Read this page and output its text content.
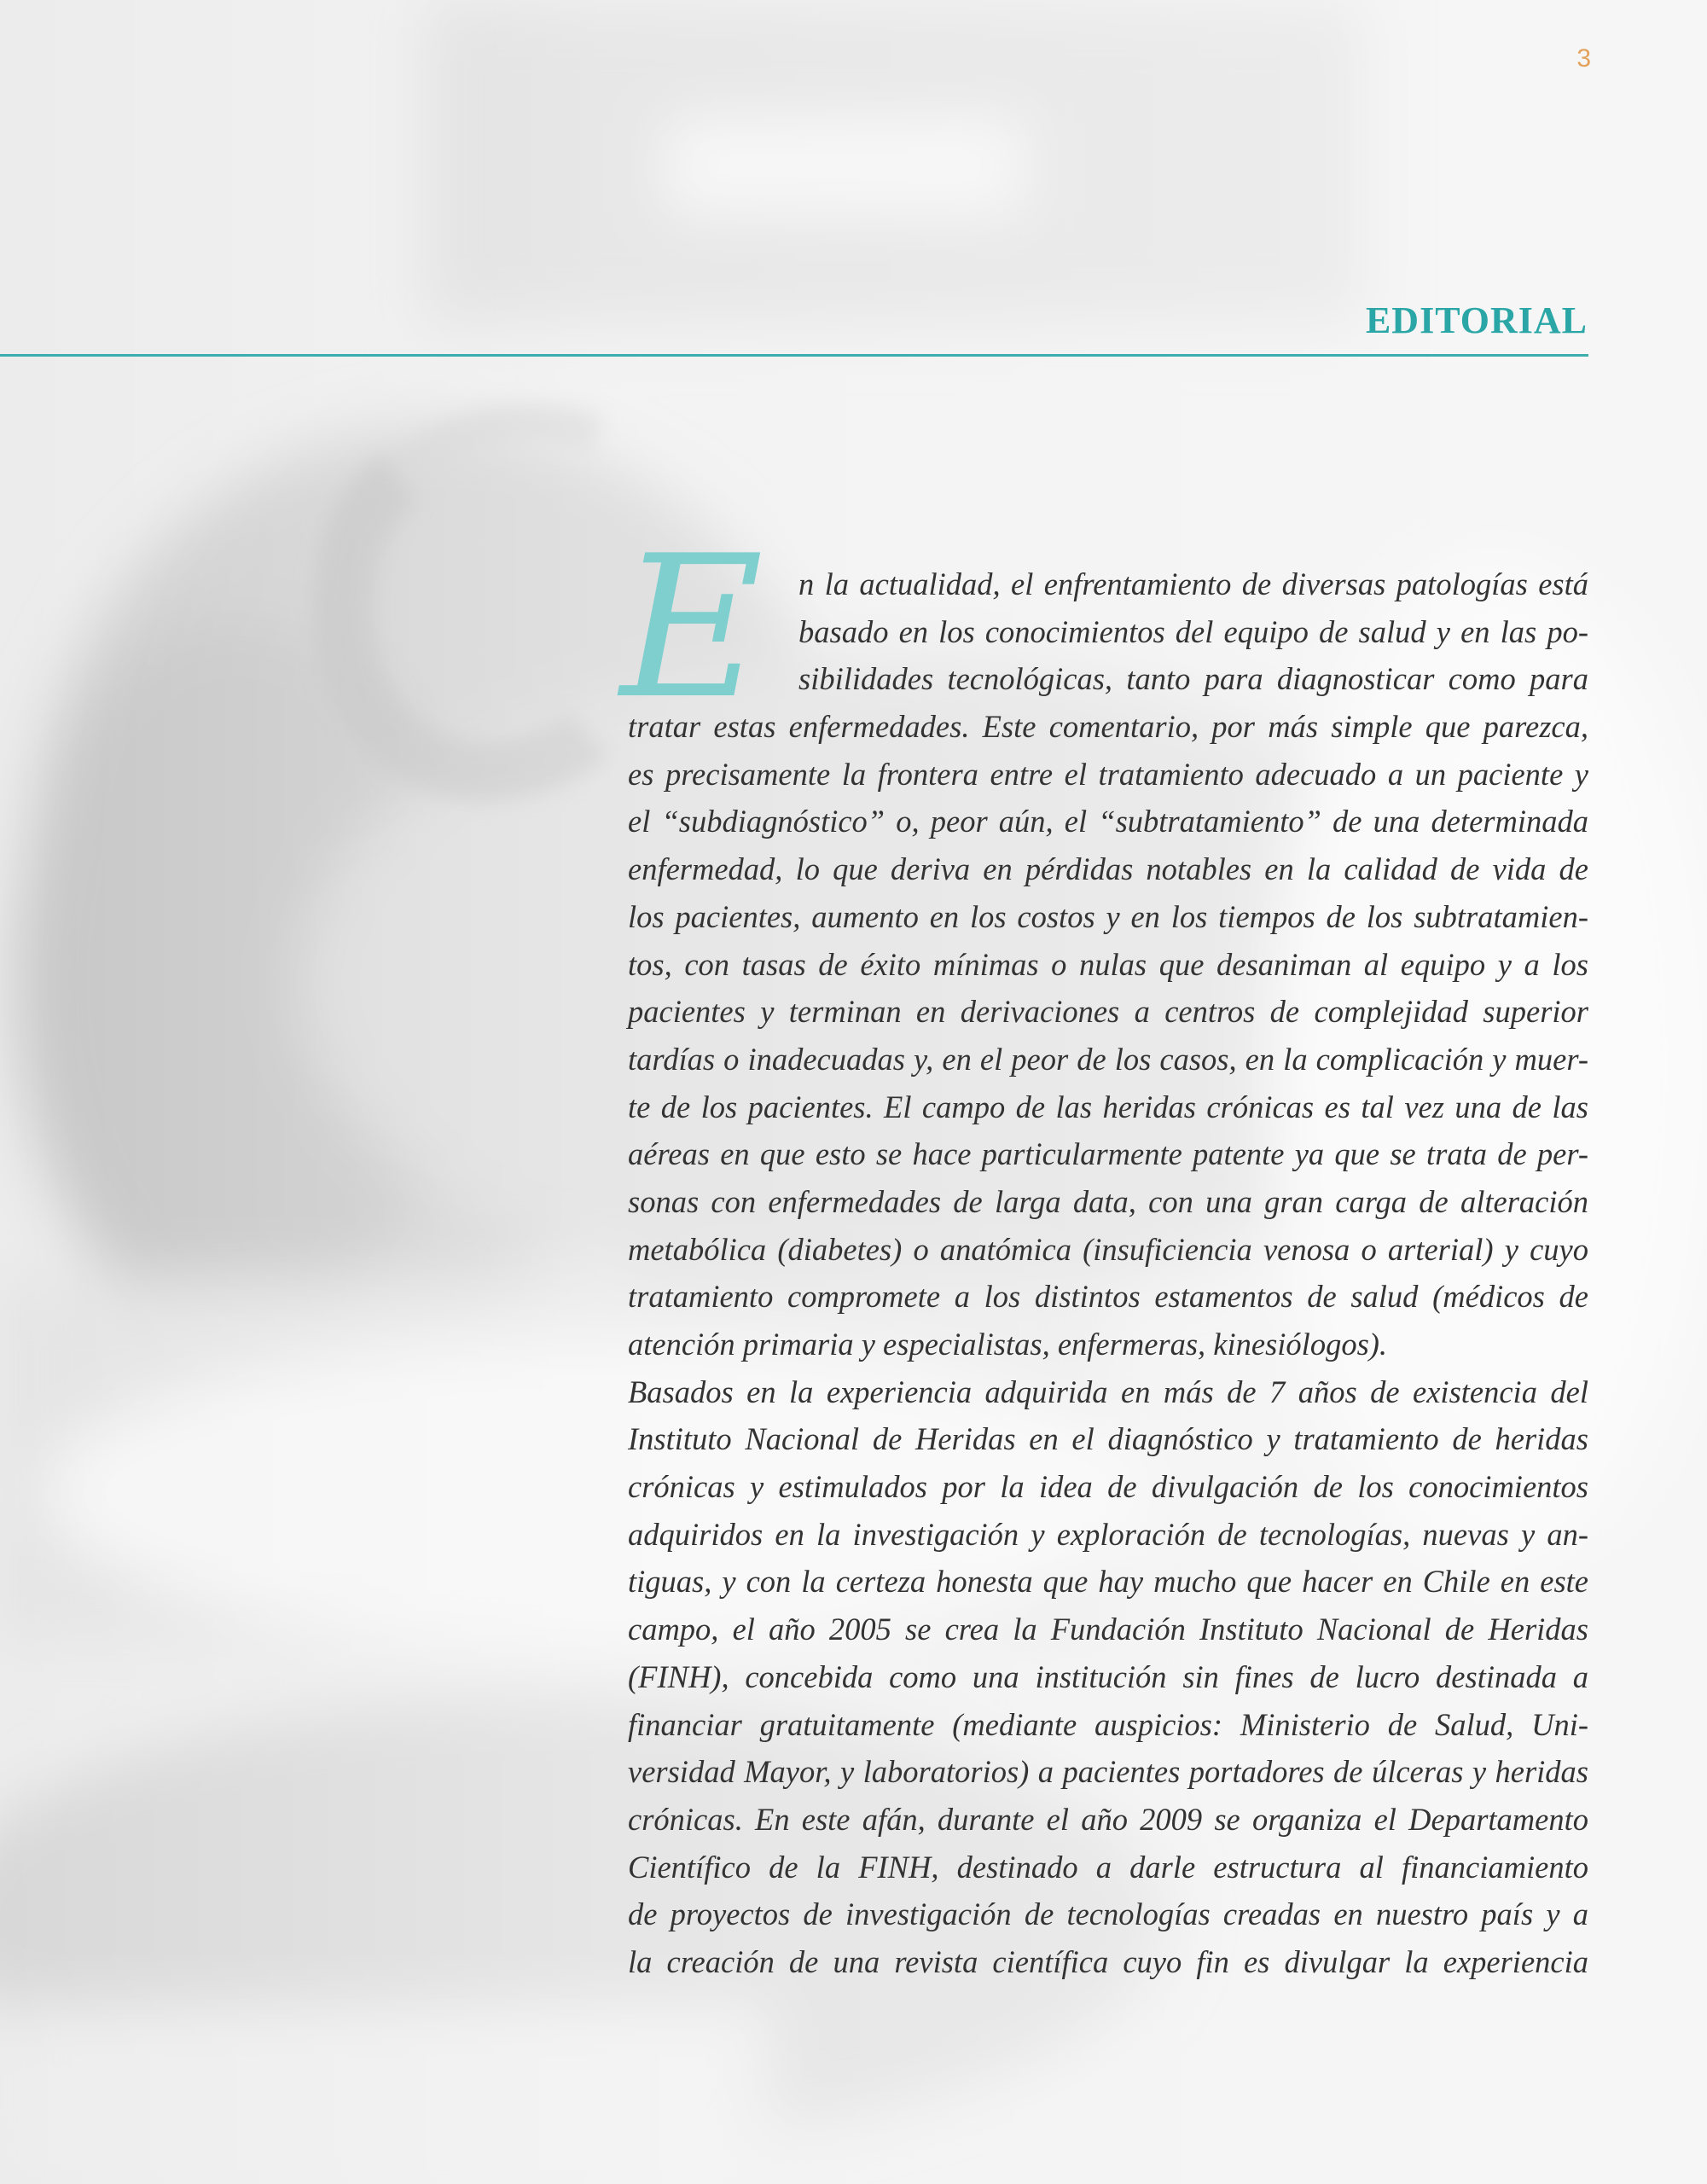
3
EDITORIAL
E	n la actualidad, el enfrentamiento de diversas patologías está
basado en los conocimientos del equipo de salud y en las po-
sibilidades tecnológicas, tanto para diagnosticar como para
tratar estas enfermedades. Este comentario, por más simple que parezca,
es precisamente la frontera entre el tratamiento adecuado a un paciente y
el “subdiagnóstico” o, peor aún, el “subtratamiento” de una determinada
enfermedad, lo que deriva en pérdidas notables en la calidad de vida de
los pacientes, aumento en los costos y en los tiempos de los subtratamien-
tos, con tasas de éxito mínimas o nulas que desaniman al equipo y a los
pacientes y terminan en derivaciones a centros de complejidad superior
tardías o inadecuadas y, en el peor de los casos, en la complicación y muer-
te de los pacientes. El campo de las heridas crónicas es tal vez una de las
aéreas en que esto se hace particularmente patente ya que se trata de per-
sonas con enfermedades de larga data, con una gran carga de alteración
metabólica (diabetes) o anatómica (insuficiencia venosa o arterial) y cuyo
tratamiento compromete a los distintos estamentos de salud (médicos de
atención primaria y especialistas, enfermeras, kinesiólogos).
Basados en la experiencia adquirida en más de 7 años de existencia del
Instituto Nacional de Heridas en el diagnóstico y tratamiento de heridas
crónicas y estimulados por la idea de divulgación de los conocimientos
adquiridos en la investigación y exploración de tecnologías, nuevas y an-
tiguas, y con la certeza honesta que hay mucho que hacer en Chile en este
campo, el año 2005 se crea la Fundación Instituto Nacional de Heridas
(FINH), concebida como una institución sin fines de lucro destinada a
financiar gratuitamente (mediante auspicios: Ministerio de Salud, Uni-
versidad Mayor, y laboratorios) a pacientes portadores de úlceras y heridas
crónicas. En este afán, durante el año 2009 se organiza el Departamento
Científico de la FINH, destinado a darle estructura al financiamiento
de proyectos de investigación de tecnologías creadas en nuestro país y a
la creación de una revista científica cuyo fin es divulgar la experiencia
